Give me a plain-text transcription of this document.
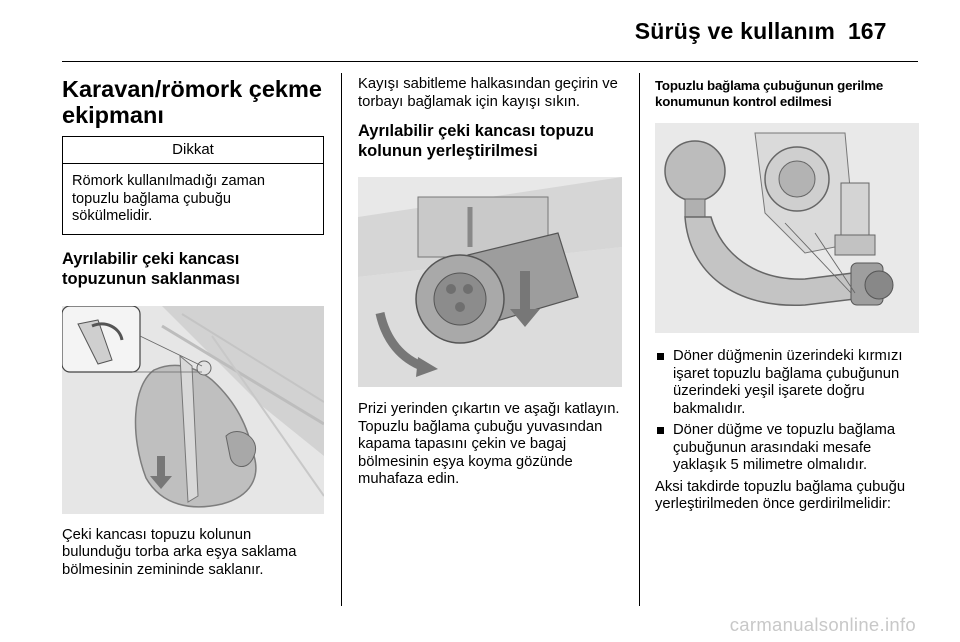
Sürüş ve kullanım 167
Karavan/römork çekme ekipmanı
Dikkat
Römork kullanılmadığı zaman topuzlu bağlama çubuğu sökülmelidir.
Ayrılabilir çeki kancası topuzunun saklanması

Çeki kancası topuzu kolunun bulunduğu torba arka eşya saklama bölmesinin zemininde saklanır.

Kayışı sabitleme halkasından geçirin ve torbayı bağlamak için kayışı sıkın.

Ayrılabilir çeki kancası topuzu kolunun yerleştirilmesi

Prizi yerinden çıkartın ve aşağı katlayın. Topuzlu bağlama çubuğu yuvasından kapama tapasını çekin ve bagaj bölmesinin eşya koyma gözünde muhafaza edin.

Topuzlu bağlama çubuğunun gerilme konumunun kontrol edilmesi
Döner düğmenin üzerindeki kırmızı işaret topuzlu bağlama çubuğunun üzerindeki yeşil işarete doğru bakmalıdır.
Döner düğme ve topuzlu bağlama çubuğunun arasındaki mesafe yaklaşık 5 milimetre olmalıdır.

Aksi takdirde topuzlu bağlama çubuğu yerleştirilmeden önce gerdirilmelidir:

carmanualsonline.info
